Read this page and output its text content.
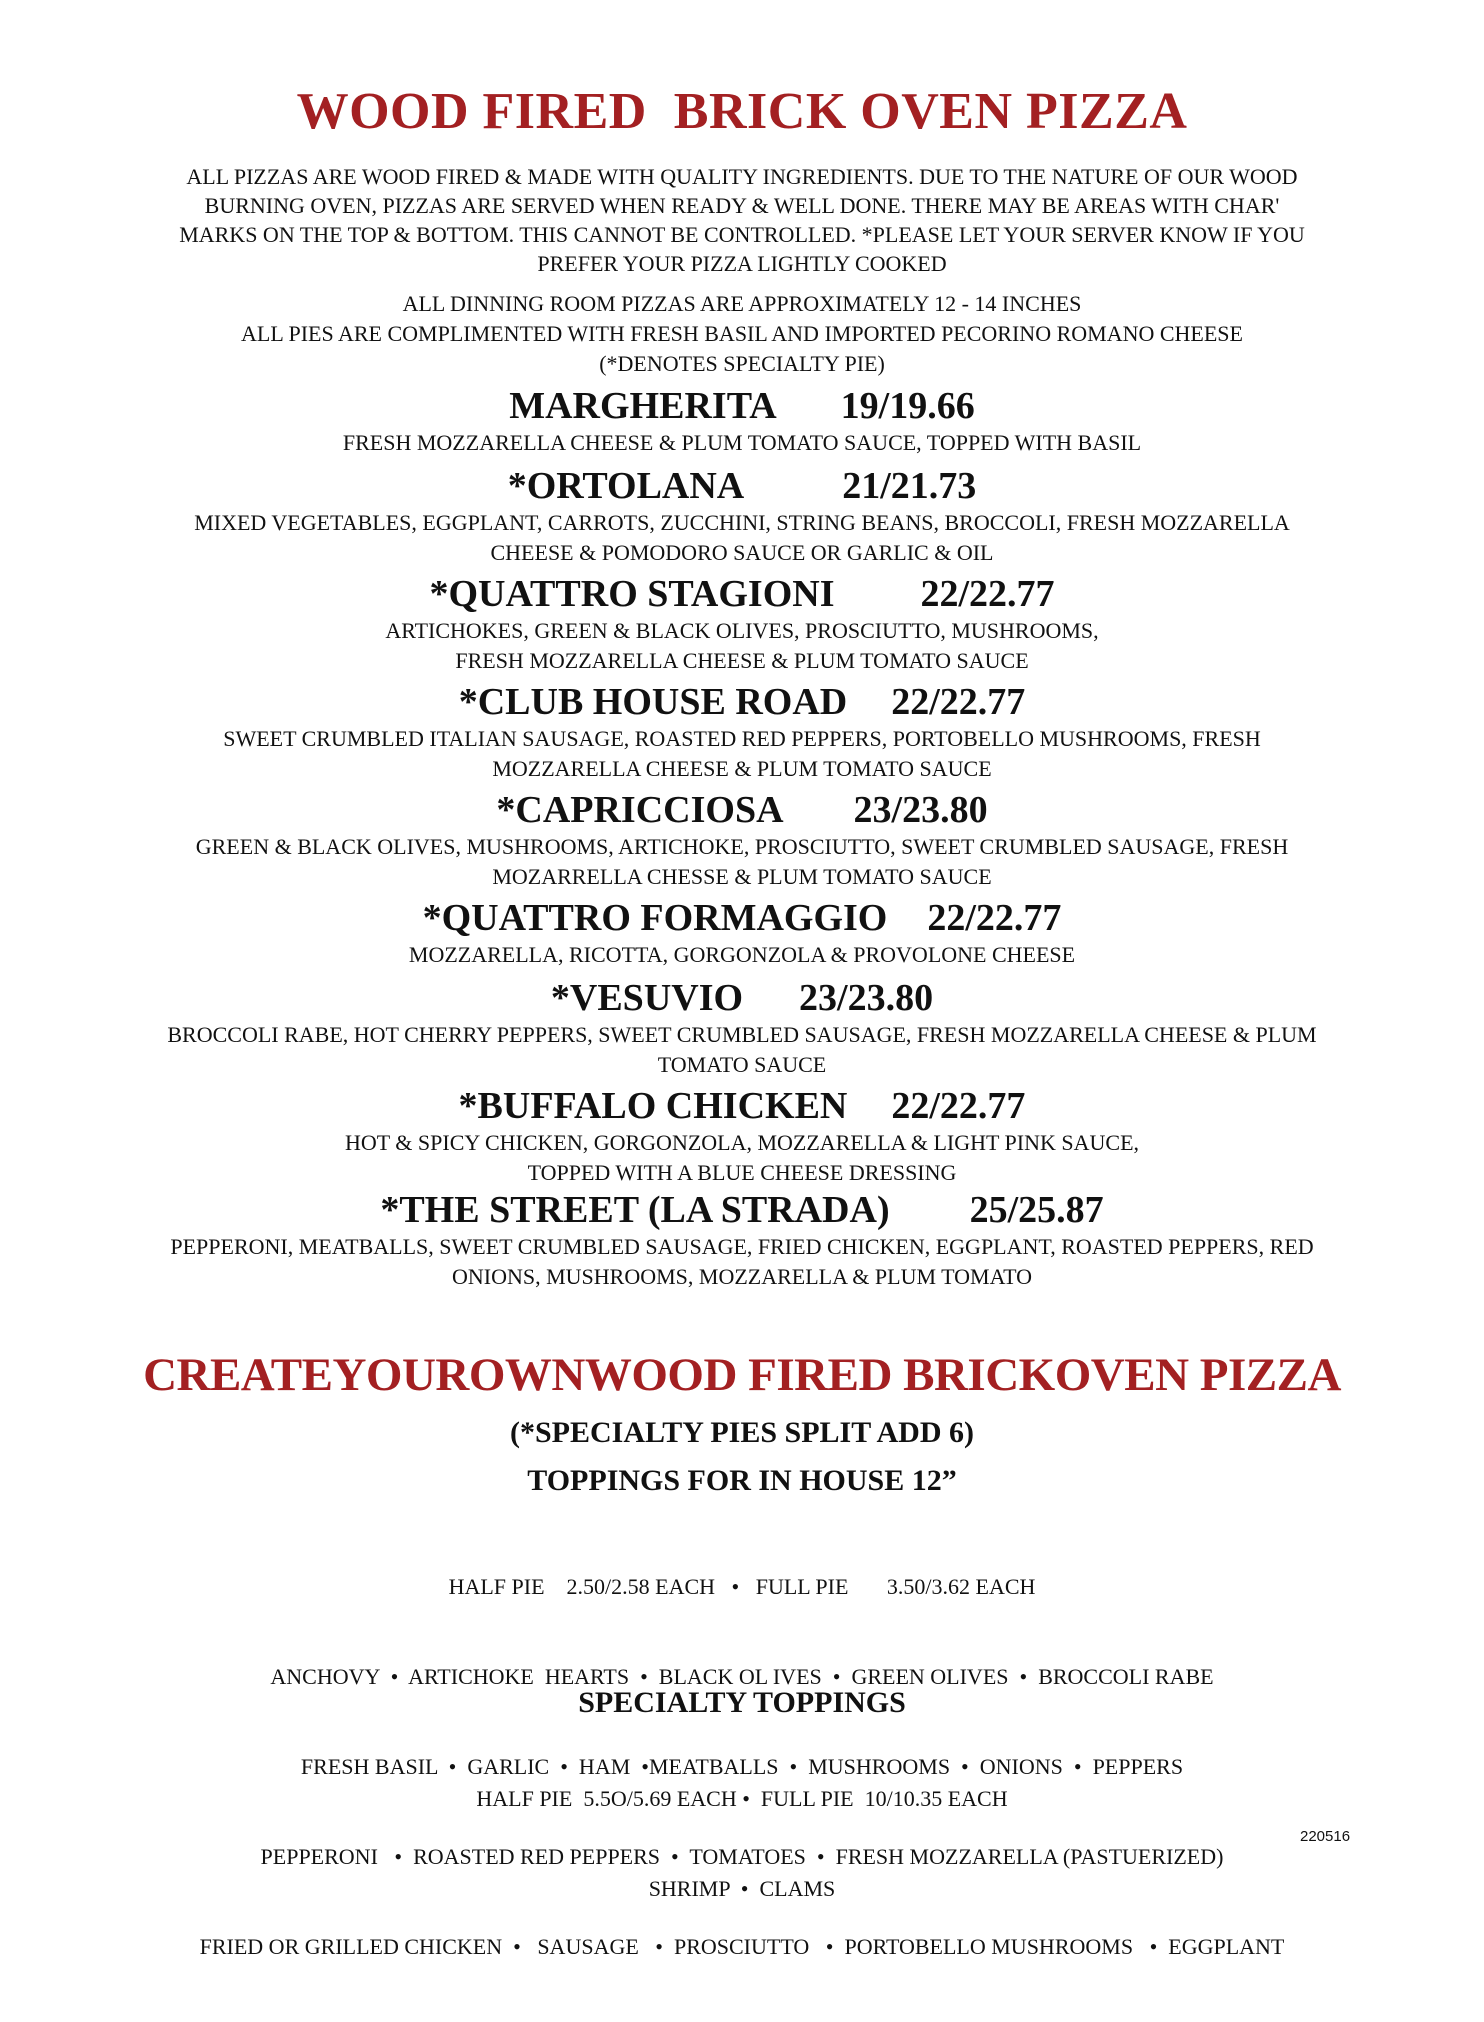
WOOD FIRED  BRICK OVEN PIZZA
ALL PIZZAS ARE WOOD FIRED & MADE WITH QUALITY INGREDIENTS. DUE TO THE NATURE OF OUR WOOD
BURNING OVEN, PIZZAS ARE SERVED WHEN READY & WELL DONE. THERE MAY BE AREAS WITH CHAR'
MARKS ON THE TOP & BOTTOM. THIS CANNOT BE CONTROLLED. *PLEASE LET YOUR SERVER KNOW IF YOU
PREFER YOUR PIZZA LIGHTLY COOKED
ALL DINNING ROOM PIZZAS ARE APPROXIMATELY 12 - 14 INCHES
ALL PIES ARE COMPLIMENTED WITH FRESH BASIL AND IMPORTED PECORINO ROMANO CHEESE
(*DENOTES SPECIALTY PIE)
MARGHERITA 19/19.66
FRESH MOZZARELLA CHEESE & PLUM TOMATO SAUCE, TOPPED WITH BASIL
*ORTOLANA	21/21.73
MIXED VEGETABLES, EGGPLANT, CARROTS, ZUCCHINI, STRING BEANS, BROCCOLI, FRESH MOZZARELLA
CHEESE & POMODORO SAUCE OR GARLIC & OIL
*QUATTRO STAGIONI 22/22.77
ARTICHOKES, GREEN & BLACK OLIVES, PROSCIUTTO, MUSHROOMS,
FRESH MOZZARELLA CHEESE & PLUM TOMATO SAUCE
*CLUB HOUSE ROAD 22/22.77
SWEET CRUMBLED ITALIAN SAUSAGE, ROASTED RED PEPPERS, PORTOBELLO MUSHROOMS, FRESH
MOZZARELLA CHEESE & PLUM TOMATO SAUCE
*CAPRICCIOSA 23/23.80
GREEN & BLACK OLIVES, MUSHROOMS, ARTICHOKE, PROSCIUTTO, SWEET CRUMBLED SAUSAGE, FRESH
MOZARRELLA CHESSE & PLUM TOMATO SAUCE
*QUATTRO FORMAGGIO 22/22.77
MOZZARELLA, RICOTTA, GORGONZOLA & PROVOLONE CHEESE
*VESUVIO 23/23.80
BROCCOLI RABE, HOT CHERRY PEPPERS, SWEET CRUMBLED SAUSAGE, FRESH MOZZARELLA CHEESE & PLUM
TOMATO SAUCE
*BUFFALO CHICKEN 22/22.77
HOT & SPICY CHICKEN, GORGONZOLA, MOZZARELLA & LIGHT PINK SAUCE,
TOPPED WITH A BLUE CHEESE DRESSING
*THE STREET (LA STRADA) 25/25.87
PEPPERONI, MEATBALLS, SWEET CRUMBLED SAUSAGE, FRIED CHICKEN, EGGPLANT, ROASTED PEPPERS, RED
ONIONS, MUSHROOMS, MOZZARELLA & PLUM TOMATO
CREATEYOUROWNWOOD FIRED BRICKOVEN PIZZA
(*SPECIALTY PIES SPLIT ADD 6)
TOPPINGS FOR IN HOUSE 12”

HALF PIE    2.50/2.58 EACH   •   FULL PIE       3.50/3.62 EACH

ANCHOVY  •  ARTICHOKE  HEARTS  •  BLACK OL IVES  •  GREEN OLIVES  •  BROCCOLI RABE

FRESH BASIL  •  GARLIC  •  HAM  •MEATBALLS  •  MUSHROOMS  •  ONIONS  •  PEPPERS

PEPPERONI   •  ROASTED RED PEPPERS  •  TOMATOES  •  FRESH MOZZARELLA (PASTUERIZED)

FRIED OR GRILLED CHICKEN  •   SAUSAGE   •  PROSCIUTTO   •  PORTOBELLO MUSHROOMS   •  EGGPLANT

SPECIALTY TOPPINGS

HALF PIE  5.5O/5.69 EACH •  FULL PIE  10/10.35 EACH

SHRIMP  •  CLAMS

220516
